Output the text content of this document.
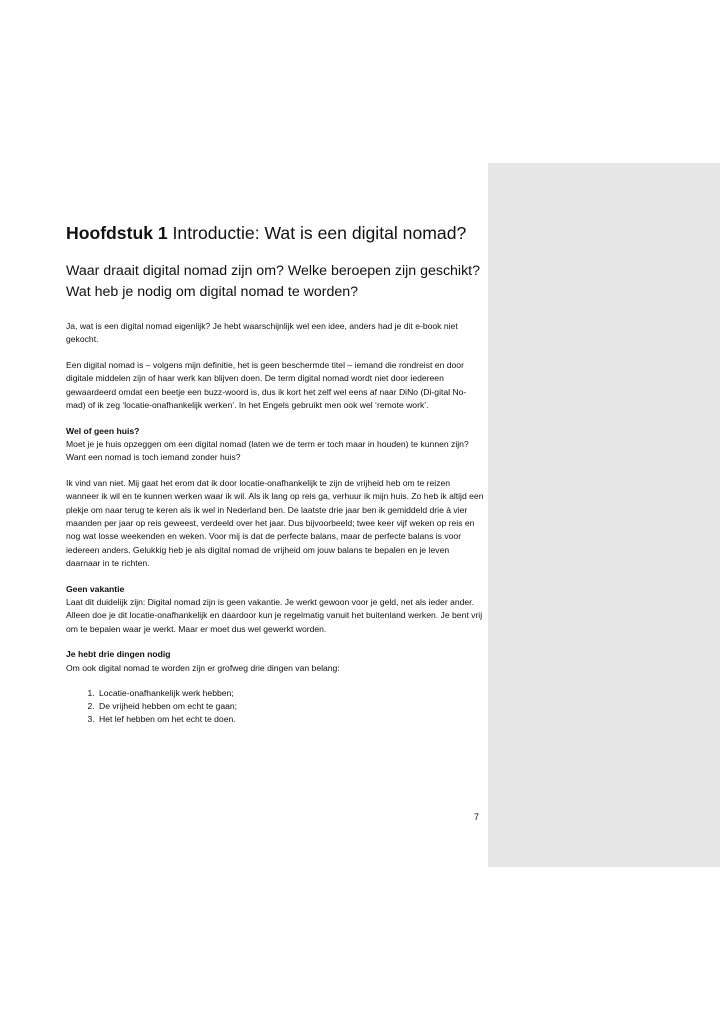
Hoofdstuk 1 Introductie: Wat is een digital nomad?
Waar draait digital nomad zijn om? Welke beroepen zijn geschikt? Wat heb je nodig om digital nomad te worden?

Ja, wat is een digital nomad eigenlijk? Je hebt waarschijnlijk wel een idee, anders had je dit e-book niet gekocht.

Een digital nomad is – volgens mijn definitie, het is geen beschermde titel – iemand die rondreist en door digitale middelen zijn of haar werk kan blijven doen. De term digital nomad wordt niet door iedereen gewaardeerd omdat een beetje een buzz-woord is, dus ik kort het zelf wel eens af naar DiNo (Di-gital No-mad) of ik zeg ‘locatie-onafhankelijk werken’. In het Engels gebruikt men ook wel ‘remote work’.

Wel of geen huis?

Moet je je huis opzeggen om een digital nomad (laten we de term er toch maar in houden) te kunnen zijn? Want een nomad is toch iemand zonder huis?

Ik vind van niet. Mij gaat het erom dat ik door locatie-onafhankelijk te zijn de vrijheid heb om te reizen wanneer ik wil en te kunnen werken waar ik wil. Als ik lang op reis ga, verhuur ik mijn huis. Zo heb ik altijd een plekje om naar terug te keren als ik wel in Nederland ben. De laatste drie jaar ben ik gemiddeld drie à vier maanden per jaar op reis geweest, verdeeld over het jaar. Dus bijvoorbeeld; twee keer vijf weken op reis en nog wat losse weekenden en weken. Voor mij is dat de perfecte balans, maar de perfecte balans is voor iedereen anders. Gelukkig heb je als digital nomad de vrijheid om jouw balans te bepalen en je leven daarnaar in te richten.

Geen vakantie

Laat dit duidelijk zijn: Digital nomad zijn is geen vakantie. Je werkt gewoon voor je geld, net als ieder ander. Alleen doe je dit locatie-onafhankelijk en daardoor kun je regelmatig vanuit het buitenland werken. Je bent vrij om te bepalen waar je werkt. Maar er moet dus wel gewerkt worden.

Je hebt drie dingen nodig

Om ook digital nomad te worden zijn er grofweg drie dingen van belang:

1. Locatie-onafhankelijk werk hebben;
2. De vrijheid hebben om echt te gaan;
3. Het lef hebben om het echt te doen.
7
